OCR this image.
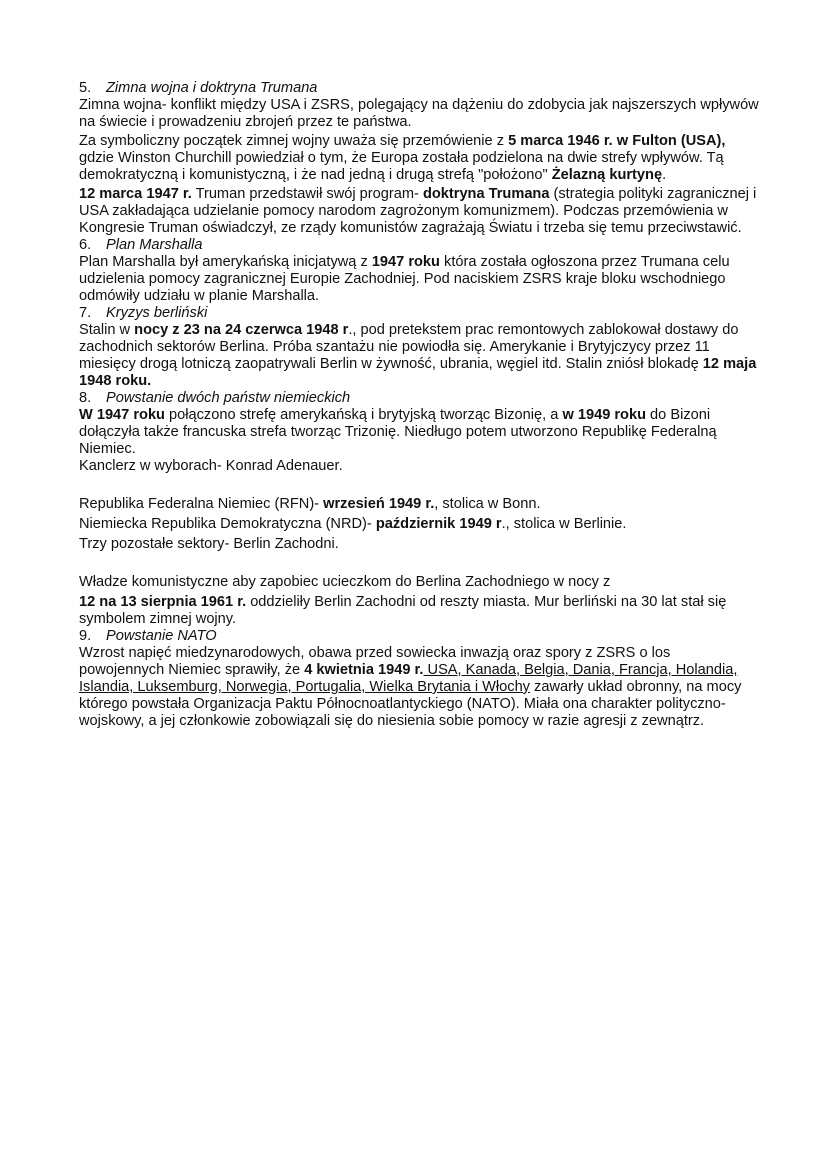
5. Zimna wojna i doktryna Trumana

Zimna wojna- konflikt między USA i ZSRS, polegający na dążeniu do zdobycia jak najszerszych wpływów na świecie i prowadzeniu zbrojeń przez te państwa.

Za symboliczny początek zimnej wojny uważa się przemówienie z 5 marca 1946 r. w Fulton (USA), gdzie Winston Churchill powiedział o tym, że Europa została podzielona na dwie strefy wpływów. Tą demokratyczną i komunistyczną, i że nad jedną i drugą strefą "położono" Żelazną kurtynę.

12 marca 1947 r. Truman przedstawił swój program- doktryna Trumana (strategia polityki zagranicznej i USA zakładająca udzielanie pomocy narodom zagrożonym komunizmem). Podczas przemówienia w Kongresie Truman oświadczył, ze rządy komunistów zagrażają Światu i trzeba się temu przeciwstawić.

6. Plan Marshalla

Plan Marshalla był amerykańską inicjatywą z 1947 roku która została ogłoszona przez Trumana celu udzielenia pomocy zagranicznej Europie Zachodniej. Pod naciskiem ZSRS kraje bloku wschodniego odmówiły udziału w planie Marshalla.

7. Kryzys berliński

Stalin w nocy z 23 na 24 czerwca 1948 r., pod pretekstem prac remontowych zablokował dostawy do zachodnich sektorów Berlina. Próba szantażu nie powiodła się. Amerykanie i Brytyjczycy przez 11 miesięcy drogą lotniczą zaopatrywali Berlin w żywność, ubrania, węgiel itd. Stalin zniósł blokadę 12 maja 1948 roku.

8. Powstanie dwóch państw niemieckich

W 1947 roku połączono strefę amerykańską i brytyjską tworząc Bizonię, a w 1949 roku do Bizoni dołączyła także francuska strefa tworząc Trizonię. Niedługo potem utworzono Republikę Federalną Niemiec.

Kanclerz w wyborach- Konrad Adenauer.

Republika Federalna Niemiec (RFN)- wrzesień 1949 r., stolica w Bonn.

Niemiecka Republika Demokratyczna (NRD)- październik 1949 r., stolica w Berlinie.

Trzy pozostałe sektory- Berlin Zachodni.

Władze komunistyczne aby zapobiec ucieczkom do Berlina Zachodniego w nocy z

12 na 13 sierpnia 1961 r. oddzieliły Berlin Zachodni od reszty miasta. Mur berliński na 30 lat stał się symbolem zimnej wojny.

9. Powstanie NATO

Wzrost napięć miedzynarodowych, obawa przed sowiecka inwazją oraz spory z ZSRS o los powojennych Niemiec sprawiły, że 4 kwietnia 1949 r. USA, Kanada, Belgia, Dania, Francja, Holandia, Islandia, Luksemburg, Norwegia, Portugalia, Wielka Brytania i Włochy zawarły układ obronny, na mocy którego powstała Organizacja Paktu Północnoatlantyckiego (NATO). Miała ona charakter polityczno-wojskowy, a jej członkowie zobowiązali się do niesienia sobie pomocy w razie agresji z zewnątrz.
